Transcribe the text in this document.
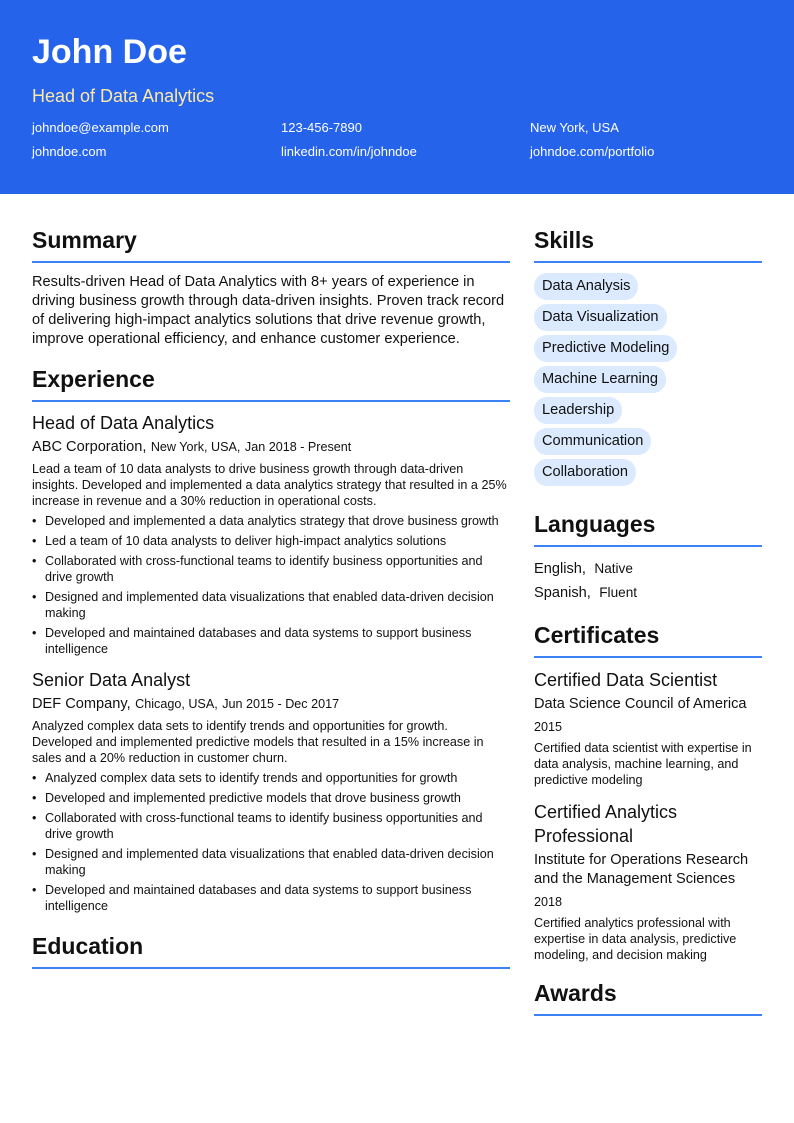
John Doe
Head of Data Analytics
johndoe@example.com	123-456-7890	New York, USA
johndoe.com	linkedin.com/in/johndoe	johndoe.com/portfolio
Summary

Results-driven Head of Data Analytics with 8+ years of experience in driving business growth through data-driven insights. Proven track record of delivering high-impact analytics solutions that drive revenue growth, improve operational efficiency, and enhance customer experience.

Experience
Head of Data Analytics
ABC Corporation, New York, USA, Jan 2018 - Present

Lead a team of 10 data analysts to drive business growth through data-driven insights. Developed and implemented a data analytics strategy that resulted in a 25% increase in revenue and a 30% reduction in operational costs.

• Developed and implemented a data analytics strategy that drove business growth
• Led a team of 10 data analysts to deliver high-impact analytics solutions
• Collaborated with cross-functional teams to identify business opportunities and drive growth
• Designed and implemented data visualizations that enabled data-driven decision making
• Developed and maintained databases and data systems to support business intelligence
Senior Data Analyst
DEF Company, Chicago, USA, Jun 2015 - Dec 2017

Analyzed complex data sets to identify trends and opportunities for growth. Developed and implemented predictive models that resulted in a 15% increase in sales and a 20% reduction in customer churn.

• Analyzed complex data sets to identify trends and opportunities for growth
• Developed and implemented predictive models that drove business growth
• Collaborated with cross-functional teams to identify business opportunities and drive growth
• Designed and implemented data visualizations that enabled data-driven decision making
• Developed and maintained databases and data systems to support business intelligence
Education
Skills
Data Analysis
Data Visualization
Predictive Modeling
Machine Learning
Leadership
Communication
Collaboration
Languages
English, Native
Spanish, Fluent
Certificates
Certified Data Scientist
Data Science Council of America
2015
Certified data scientist with expertise in data analysis, machine learning, and predictive modeling
Certified Analytics Professional
Institute for Operations Research and the Management Sciences
2018
Certified analytics professional with expertise in data analysis, predictive modeling, and decision making
Awards
